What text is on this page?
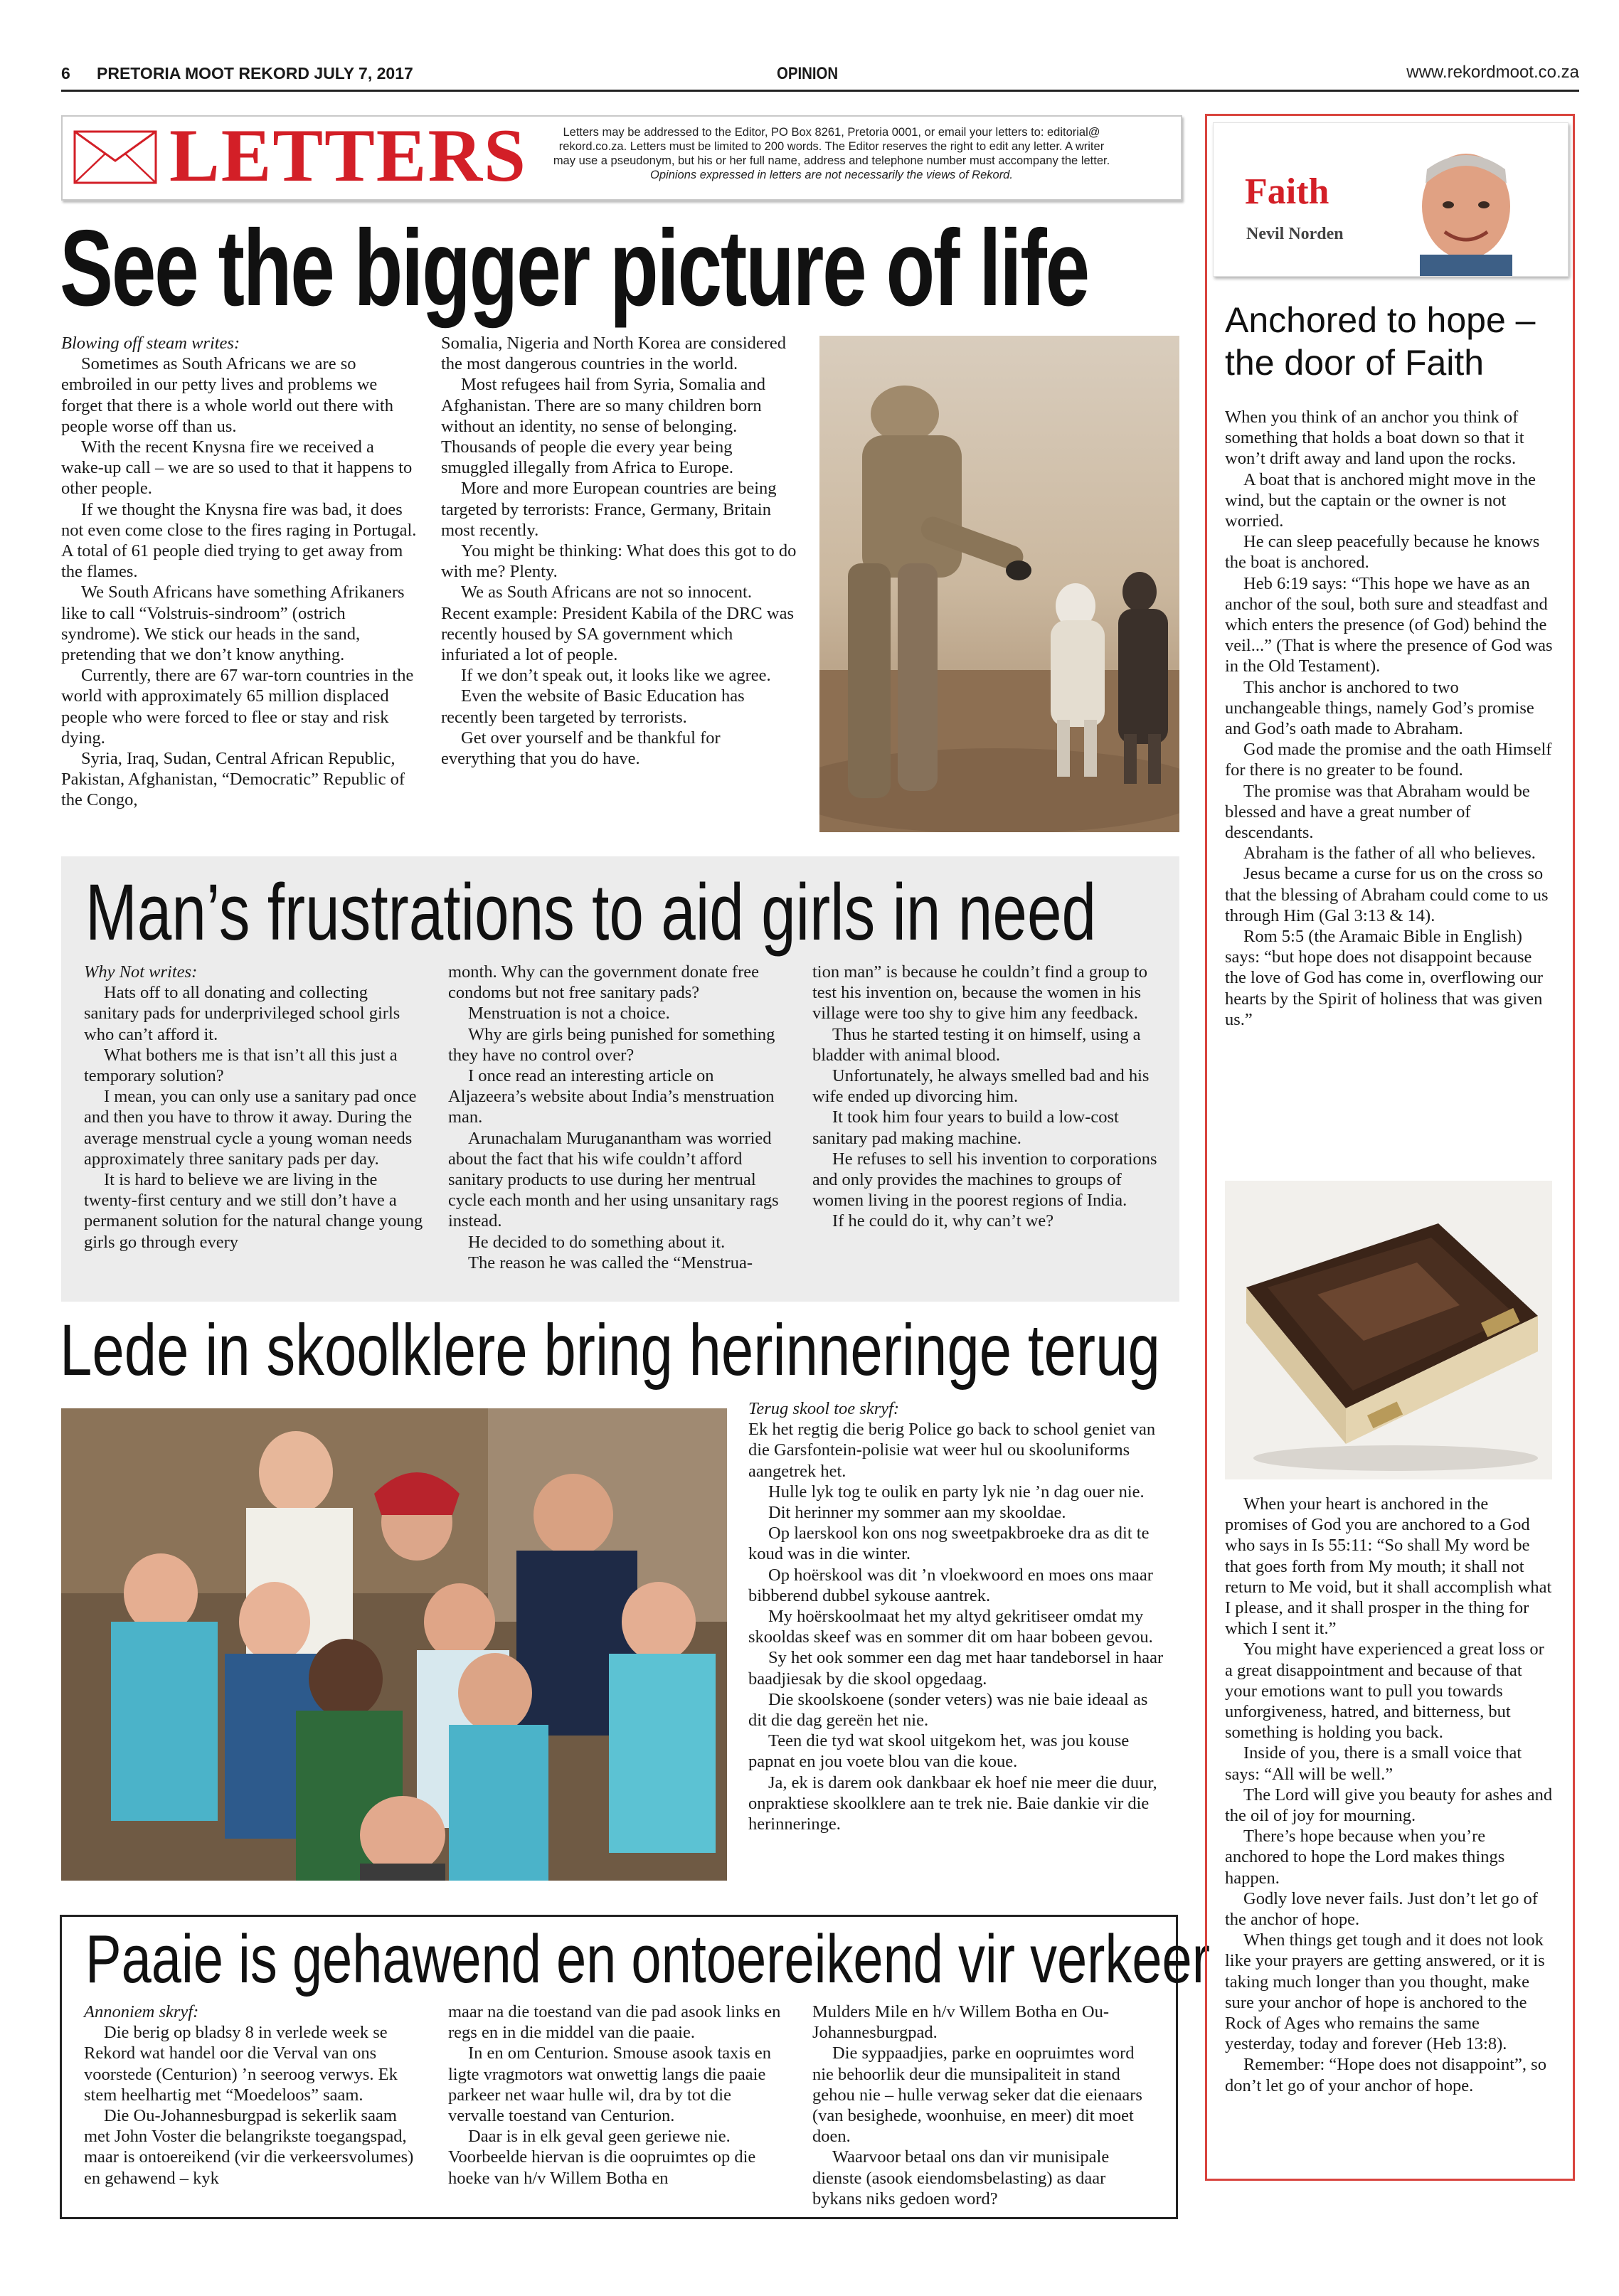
6 PRETORIA MOOT REKORD JULY 7, 2017	OPINION	www.rekordmoot.co.za
LETTERS	Letters may be addressed to the Editor, PO Box 8261, Pretoria 0001, or email your letters to: editorial@
rekord.co.za. Letters must be limited to 200 words. The Editor reserves the right to edit any letter. A writer
may use a pseudonym, but his or her full name, address and telephone number must accompany the letter.
Opinions expressed in letters are not necessarily the views of Rekord.
See the bigger picture of life

Blowing off steam writes:

Sometimes as South Africans we are so embroiled in our petty lives and problems we forget that there is a whole world out there with people worse off than us.

With the recent Knysna fire we received a wake-up call – we are so used to that it happens to other people.

If we thought the Knysna fire was bad, it does not even come close to the fires raging in Portugal. A total of 61 people died trying to get away from the flames.

We South Africans have something Afrikaners like to call “Volstruis-sindroom” (ostrich syndrome). We stick our heads in the sand, pretending that we don’t know anything.

Currently, there are 67 war-torn countries in the world with approximately 65 million displaced people who were forced to flee or stay and risk dying.

Syria, Iraq, Sudan, Central African Republic, Pakistan, Afghanistan, “Democratic” Republic of the Congo,

Somalia, Nigeria and North Korea are considered the most dangerous countries in the world.

Most refugees hail from Syria, Somalia and Afghanistan. There are so many children born without an identity, no sense of belonging. Thousands of people die every year being smuggled illegally from Africa to Europe.

More and more European countries are being targeted by terrorists: France, Germany, Britain most recently.

You might be thinking: What does this got to do with me? Plenty.

We as South Africans are not so innocent. Recent example: President Kabila of the DRC was recently housed by SA government which infuriated a lot of people.

If we don’t speak out, it looks like we agree.

Even the website of Basic Education has recently been targeted by terrorists.

Get over yourself and be thankful for everything that you do have.

Man’s frustrations to aid girls in need

Why Not writes:

Hats off to all donating and collecting sanitary pads for underprivileged school girls who can’t afford it.

What bothers me is that isn’t all this just a temporary solution?

I mean, you can only use a sanitary pad once and then you have to throw it away. During the average menstrual cycle a young woman needs approximately three sanitary pads per day.

It is hard to believe we are living in the twenty-first century and we still don’t have a permanent solution for the natural change young girls go through every

month. Why can the government donate free condoms but not free sanitary pads?

Menstruation is not a choice.

Why are girls being punished for something they have no control over?

I once read an interesting article on Aljazeera’s website about India’s menstruation man.

Arunachalam Muruganantham was worried about the fact that his wife couldn’t afford sanitary products to use during her mentrual cycle each month and her using unsanitary rags instead.

He decided to do something about it.

The reason he was called the “Menstrua-

tion man” is because he couldn’t find a group to test his invention on, because the women in his village were too shy to give him any feedback.

Thus he started testing it on himself, using a bladder with animal blood.

Unfortunately, he always smelled bad and his wife ended up divorcing him.

It took him four years to build a low-cost sanitary pad making machine.

He refuses to sell his invention to corporations and only provides the machines to groups of women living in the poorest regions of India.

If he could do it, why can’t we?

Lede in skoolklere bring herinneringe terug

Terug skool toe skryf:

Ek het regtig die berig Police go back to school geniet van die Garsfontein-polisie wat weer hul ou skooluniforms aangetrek het.

Hulle lyk tog te oulik en party lyk nie ’n dag ouer nie.

Dit herinner my sommer aan my skooldae.

Op laerskool kon ons nog sweetpakbroeke dra as dit te koud was in die winter.

Op hoërskool was dit ’n vloekwoord en moes ons maar bibberend dubbel sykouse aantrek.

My hoërskoolmaat het my altyd gekritiseer omdat my skooldas skeef was en sommer dit om haar bobeen gevou.

Sy het ook sommer een dag met haar tandeborsel in haar baadjiesak by die skool opgedaag.

Die skoolskoene (sonder veters) was nie baie ideaal as dit die dag gereën het nie.

Teen die tyd wat skool uitgekom het, was jou kouse papnat en jou voete blou van die koue.

Ja, ek is darem ook dankbaar ek hoef nie meer die duur, onpraktiese skoolklere aan te trek nie. Baie dankie vir die herinneringe.

Paaie is gehawend en ontoereikend vir verkeer

Annoniem skryf:

Die berig op bladsy 8 in verlede week se Rekord wat handel oor die Verval van ons voorstede (Centurion) ’n seeroog verwys. Ek stem heelhartig met “Moedeloos” saam.

Die Ou-Johannesburgpad is sekerlik saam met John Voster die belangrikste toegangspad, maar is ontoereikend (vir die verkeersvolumes) en gehawend – kyk

maar na die toestand van die pad asook links en regs en in die middel van die paaie.

In en om Centurion. Smouse asook taxis en ligte vragmotors wat onwettig langs die paaie parkeer net waar hulle wil, dra by tot die vervalle toestand van Centurion.

Daar is in elk geval geen geriewe nie. Voorbeelde hiervan is die oopruimtes op die hoeke van h/v Willem Botha en

Mulders Mile en h/v Willem Botha en Ou-Johannesburgpad.

Die syppaadjies, parke en oopruimtes word nie behoorlik deur die munsipaliteit in stand gehou nie – hulle verwag seker dat die eienaars (van besighede, woonhuise, en meer) dit moet doen.

Waarvoor betaal ons dan vir munisipale dienste (asook eiendomsbelasting) as daar bykans niks gedoen word?

Faith
Nevil Norden
Anchored to hope – the door of Faith

When you think of an anchor you think of something that holds a boat down so that it won’t drift away and land upon the rocks.

A boat that is anchored might move in the wind, but the captain or the owner is not worried.

He can sleep peacefully because he knows the boat is anchored.

Heb 6:19 says: “This hope we have as an anchor of the soul, both sure and steadfast and which enters the presence (of God) behind the veil...” (That is where the presence of God was in the Old Testament).

This anchor is anchored to two unchangeable things, namely God’s promise and God’s oath made to Abraham.

God made the promise and the oath Himself for there is no greater to be found.

The promise was that Abraham would be blessed and have a great number of descendants.

Abraham is the father of all who believes.

Jesus became a curse for us on the cross so that the blessing of Abraham could come to us through Him (Gal 3:13 & 14).

Rom 5:5 (the Aramaic Bible in English) says: “but hope does not disappoint because the love of God has come in, overflowing our hearts by the Spirit of holiness that was given us.”

When your heart is anchored in the promises of God you are anchored to a God who says in Is 55:11: “So shall My word be that goes forth from My mouth; it shall not return to Me void, but it shall accomplish what I please, and it shall prosper in the thing for which I sent it.”

You might have experienced a great loss or a great disappointment and because of that your emotions want to pull you towards unforgiveness, hatred, and bitterness, but something is holding you back.

Inside of you, there is a small voice that says: “All will be well.”

The Lord will give you beauty for ashes and the oil of joy for mourning.

There’s hope because when you’re anchored to hope the Lord makes things happen.

Godly love never fails. Just don’t let go of the anchor of hope.

When things get tough and it does not look like your prayers are getting answered, or it is taking much longer than you thought, make sure your anchor of hope is anchored to the Rock of Ages who remains the same yesterday, today and forever (Heb 13:8).

Remember: “Hope does not disappoint”, so don’t let go of your anchor of hope.
